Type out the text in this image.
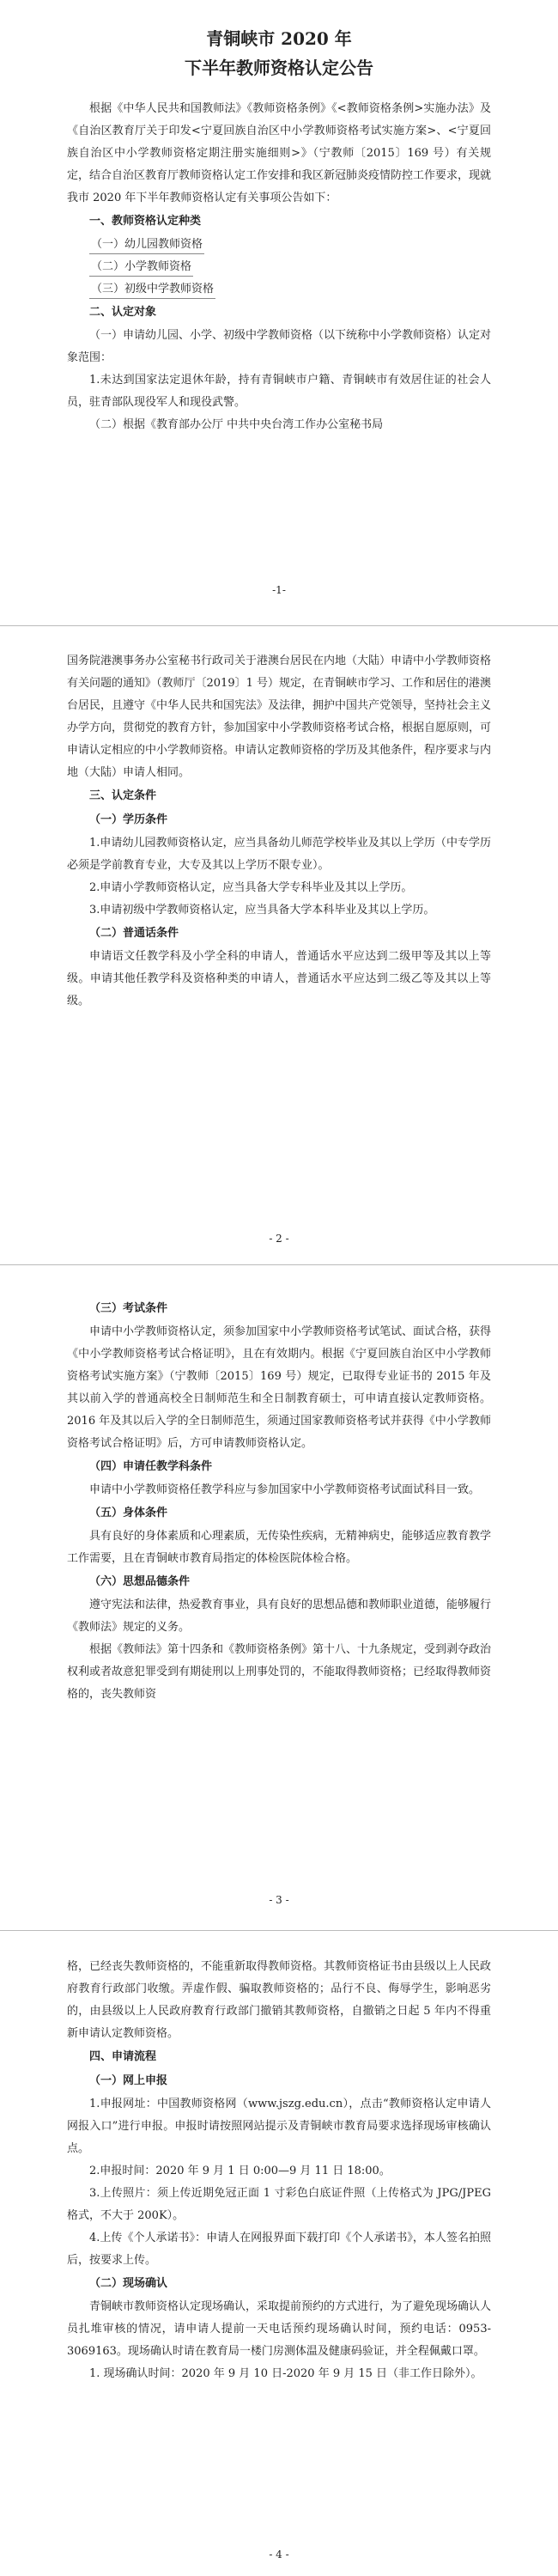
青铜峡市 2020 年

下半年教师资格认定公告

根据《中华人民共和国教师法》《教师资格条例》《<教师资格条例>实施办法》及《自治区教育厅关于印发<宁夏回族自治区中小学教师资格考试实施方案>、<宁夏回族自治区中小学教师资格定期注册实施细则>》（宁教师〔2015〕169 号）有关规定，结合自治区教育厅教师资格认定工作安排和我区新冠肺炎疫情防控工作要求，现就我市 2020 年下半年教师资格认定有关事项公告如下：

一、教师资格认定种类

（一）幼儿园教师资格

（二）小学教师资格

（三）初级中学教师资格

二、认定对象

（一）申请幼儿园、小学、初级中学教师资格（以下统称中小学教师资格）认定对象范围：

1.未达到国家法定退休年龄，持有青铜峡市户籍、青铜峡市有效居住证的社会人员，驻青部队现役军人和现役武警。

（二）根据《教育部办公厅 中共中央台湾工作办公室秘书局

-1-

国务院港澳事务办公室秘书行政司关于港澳台居民在内地（大陆）申请中小学教师资格有关问题的通知》（教师厅〔2019〕1 号）规定，在青铜峡市学习、工作和居住的港澳台居民，且遵守《中华人民共和国宪法》及法律，拥护中国共产党领导，坚持社会主义办学方向，贯彻党的教育方针，参加国家中小学教师资格考试合格，根据自愿原则，可申请认定相应的中小学教师资格。申请认定教师资格的学历及其他条件，程序要求与内地（大陆）申请人相同。

三、认定条件

（一）学历条件

1.申请幼儿园教师资格认定，应当具备幼儿师范学校毕业及其以上学历（中专学历必须是学前教育专业，大专及其以上学历不限专业）。

2.申请小学教师资格认定，应当具备大学专科毕业及其以上学历。

3.申请初级中学教师资格认定，应当具备大学本科毕业及其以上学历。

（二）普通话条件

申请语文任教学科及小学全科的申请人，普通话水平应达到二级甲等及其以上等级。申请其他任教学科及资格种类的申请人，普通话水平应达到二级乙等及其以上等级。

- 2 -

（三）考试条件

申请中小学教师资格认定，须参加国家中小学教师资格考试笔试、面试合格，获得《中小学教师资格考试合格证明》，且在有效期内。根据《宁夏回族自治区中小学教师资格考试实施方案》（宁教师〔2015〕169 号）规定，已取得专业证书的 2015 年及其以前入学的普通高校全日制师范生和全日制教育硕士，可申请直接认定教师资格。2016 年及其以后入学的全日制师范生，须通过国家教师资格考试并获得《中小学教师资格考试合格证明》后，方可申请教师资格认定。

（四）申请任教学科条件

申请中小学教师资格任教学科应与参加国家中小学教师资格考试面试科目一致。

（五）身体条件

具有良好的身体素质和心理素质，无传染性疾病，无精神病史，能够适应教育教学工作需要，且在青铜峡市教育局指定的体检医院体检合格。

（六）思想品德条件

遵守宪法和法律，热爱教育事业，具有良好的思想品德和教师职业道德，能够履行《教师法》规定的义务。

根据《教师法》第十四条和《教师资格条例》第十八、十九条规定，受到剥夺政治权利或者故意犯罪受到有期徒刑以上刑事处罚的，不能取得教师资格；已经取得教师资格的，丧失教师资

- 3 -

格，已经丧失教师资格的，不能重新取得教师资格。其教师资格证书由县级以上人民政府教育行政部门收缴。弄虚作假、骗取教师资格的；品行不良、侮辱学生，影响恶劣的，由县级以上人民政府教育行政部门撤销其教师资格，自撤销之日起 5 年内不得重新申请认定教师资格。

四、申请流程

（一）网上申报

1.申报网址：中国教师资格网（www.jszg.edu.cn），点击“教师资格认定申请人网报入口”进行申报。申报时请按照网站提示及青铜峡市教育局要求选择现场审核确认点。

2.申报时间：2020 年 9 月 1 日 0:00—9 月 11 日 18:00。

3.上传照片：须上传近期免冠正面 1 寸彩色白底证件照（上传格式为 JPG/JPEG 格式，不大于 200K）。

4.上传《个人承诺书》：申请人在网报界面下载打印《个人承诺书》，本人签名拍照后，按要求上传。

（二）现场确认

青铜峡市教师资格认定现场确认，采取提前预约的方式进行，为了避免现场确认人员扎堆审核的情况，请申请人提前一天电话预约现场确认时间，预约电话：0953-3069163。现场确认时请在教育局一楼门房测体温及健康码验证，并全程佩戴口罩。

1. 现场确认时间：2020 年 9 月 10 日-2020 年 9 月 15 日（非工作日除外）。

- 4 -
